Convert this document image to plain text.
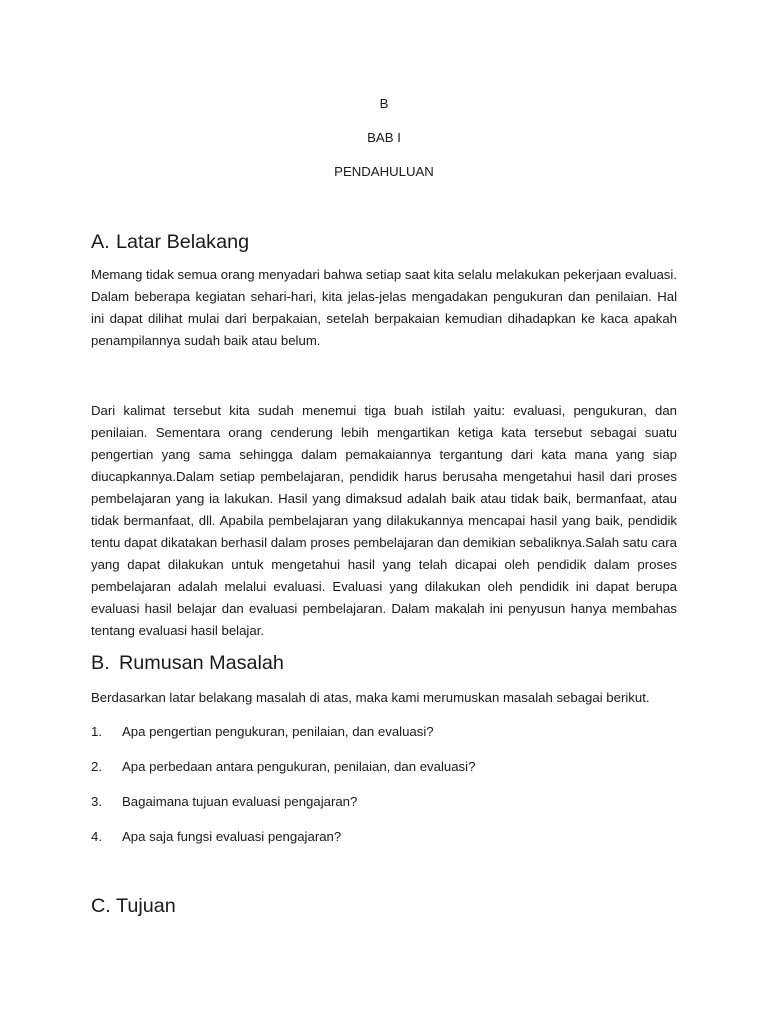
B

BAB I

PENDAHULUAN

A. Latar Belakang

Memang tidak semua orang menyadari bahwa setiap saat kita selalu melakukan pekerjaan evaluasi. Dalam beberapa kegiatan sehari-hari, kita jelas-jelas mengadakan pengukuran dan penilaian. Hal ini dapat dilihat mulai dari berpakaian, setelah berpakaian kemudian dihadapkan ke kaca apakah penampilannya sudah baik atau belum.

Dari kalimat tersebut kita sudah menemui tiga buah istilah yaitu: evaluasi, pengukuran, dan penilaian. Sementara orang cenderung lebih mengartikan ketiga kata tersebut sebagai suatu pengertian yang sama sehingga dalam pemakaiannya tergantung dari kata mana yang siap diucapkannya.Dalam setiap pembelajaran, pendidik harus berusaha mengetahui hasil dari proses pembelajaran yang ia lakukan. Hasil yang dimaksud adalah baik atau tidak baik, bermanfaat, atau tidak bermanfaat, dll. Apabila pembelajaran yang dilakukannya mencapai hasil yang baik, pendidik tentu dapat dikatakan berhasil dalam proses pembelajaran dan demikian sebaliknya.Salah satu cara yang dapat dilakukan untuk mengetahui hasil yang telah dicapai oleh pendidik dalam proses pembelajaran adalah melalui evaluasi. Evaluasi yang dilakukan oleh pendidik ini dapat berupa evaluasi hasil belajar dan evaluasi pembelajaran. Dalam makalah ini penyusun hanya membahas tentang evaluasi hasil belajar.

B. Rumusan Masalah

Berdasarkan latar belakang masalah di atas, maka kami merumuskan masalah sebagai berikut.

1. Apa pengertian pengukuran, penilaian, dan evaluasi?

2. Apa perbedaan antara pengukuran, penilaian, dan evaluasi?

3. Bagaimana tujuan evaluasi pengajaran?

4. Apa saja fungsi evaluasi pengajaran?

C. Tujuan
